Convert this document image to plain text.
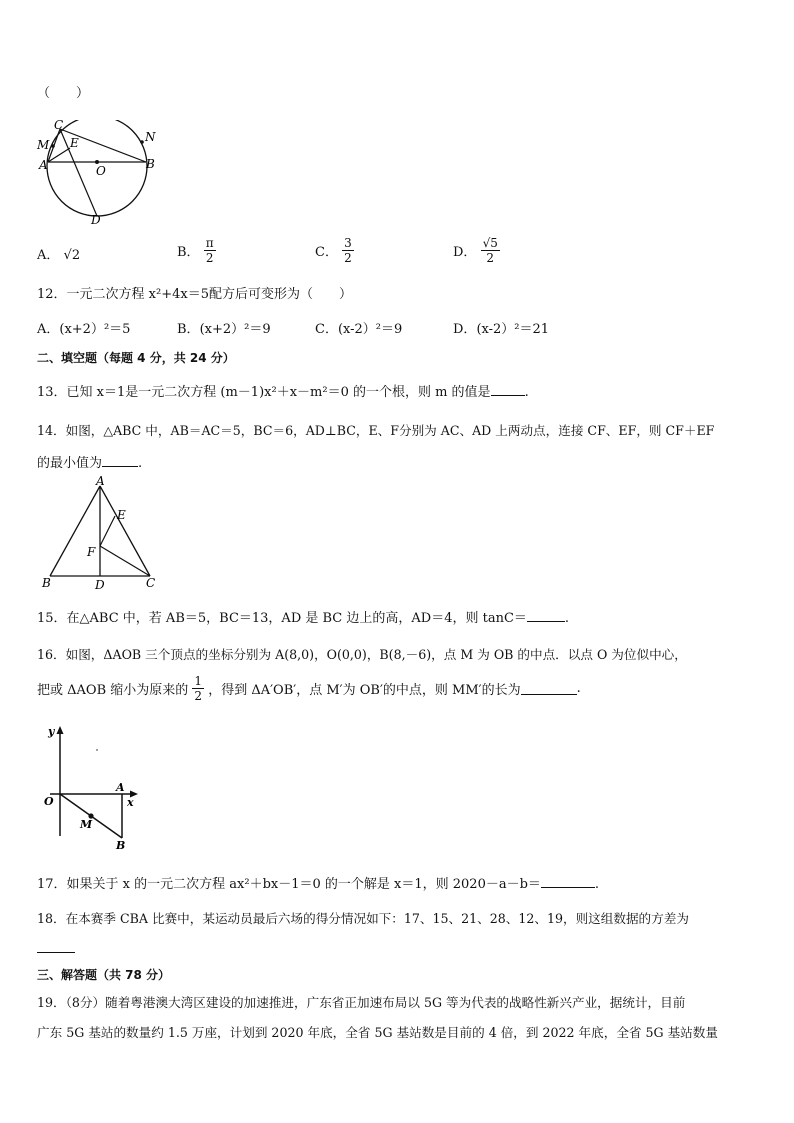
（　　）
C
M E
A	O	B
N
D
A． √2	B． $\frac{\pi}{2}$	C． $\frac{3}{2}$	D． $\frac{√5}{2}$
12．一元二次方程 x²+4x＝5配方后可变形为（　　）
A．(x+2）²＝5	B．(x+2）²＝9	C．(x-2）²＝9	D．(x-2）²＝21
二、填空题（每题 4 分，共 24 分）
13．已知 x＝1是一元二次方程 (m－1)x²＋x－m²＝0 的一个根，则 m 的值是	.
14．如图，△ABC 中，AB＝AC＝5，BC＝6，AD⊥BC，E、F分别为 AC、AD 上两动点，连接 CF、EF，则 CF＋EF
的最小值为	.
A
E
F
B	D	C
15．在△ABC 中，若 AB＝5，BC＝13，AD 是 BC 边上的高，AD＝4，则 tanC＝	.
16．如图，ΔAOB 三个顶点的坐标分别为 A(8,0)，O(0,0)，B(8,－6)，点 M 为 OB 的中点．以点 O 为位似中心，
把或 ΔAOB 缩小为原来的 $\frac{1}{2}$ ，得到 ΔA′OB′，点 M′为 OB′的中点，则 MM′的长为	.
y
O
A
x
M
B
17．如果关于 x 的一元二次方程 ax²＋bx－1＝0 的一个解是 x＝1，则 2020－a－b＝	.
18．在本赛季 CBA 比赛中，某运动员最后六场的得分情况如下：17、15、21、28、12、19，则这组数据的方差为
三、解答题（共 78 分）
19．（8分）随着粤港澳大湾区建设的加速推进，广东省正加速布局以 5G 等为代表的战略性新兴产业，据统计，目前
广东 5G 基站的数量约 1.5 万座，计划到 2020 年底，全省 5G 基站数是目前的 4 倍，到 2022 年底，全省 5G 基站数量
